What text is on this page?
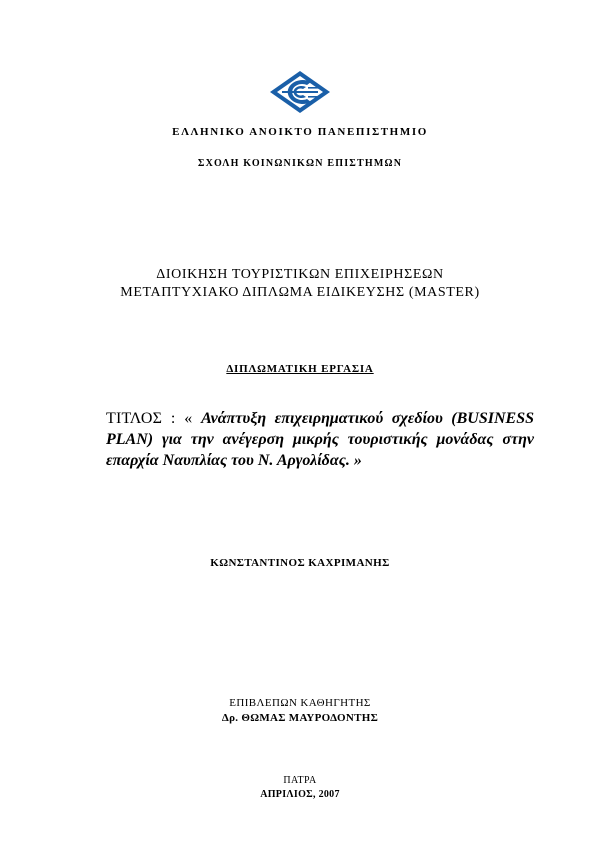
ΕΛΛΗΝΙΚΟ ΑΝΟΙΚΤΟ ΠΑΝΕΠΙΣΤΗΜΙΟ
ΣΧΟΛΗ ΚΟΙΝΩΝΙΚΩΝ ΕΠΙΣΤΗΜΩΝ
ΔΙΟΙΚΗΣΗ ΤΟΥΡΙΣΤΙΚΩΝ ΕΠΙΧΕΙΡΗΣΕΩΝ
ΜΕΤΑΠΤΥΧΙΑΚΟ ΔΙΠΛΩΜΑ ΕΙΔΙΚΕΥΣΗΣ (MASTER)
ΔΙΠΛΩΜΑΤΙΚΗ ΕΡΓΑΣΙΑ
ΤΙΤΛΟΣ : « Ανάπτυξη επιχειρηματικού σχεδίου (BUSINESS
PLAN) για την ανέγερση μικρής τουριστικής μονάδας στην
επαρχία Ναυπλίας του Ν. Αργολίδας. »
ΚΩΝΣΤΑΝΤΙΝΟΣ ΚΑΧΡΙΜΑΝΗΣ
ΕΠΙΒΛΕΠΩΝ ΚΑΘΗΓΗΤΗΣ
Δρ. ΘΩΜΑΣ ΜΑΥΡΟΔΟΝΤΗΣ
ΠΑΤΡΑ
ΑΠΡΙΛΙΟΣ, 2007
